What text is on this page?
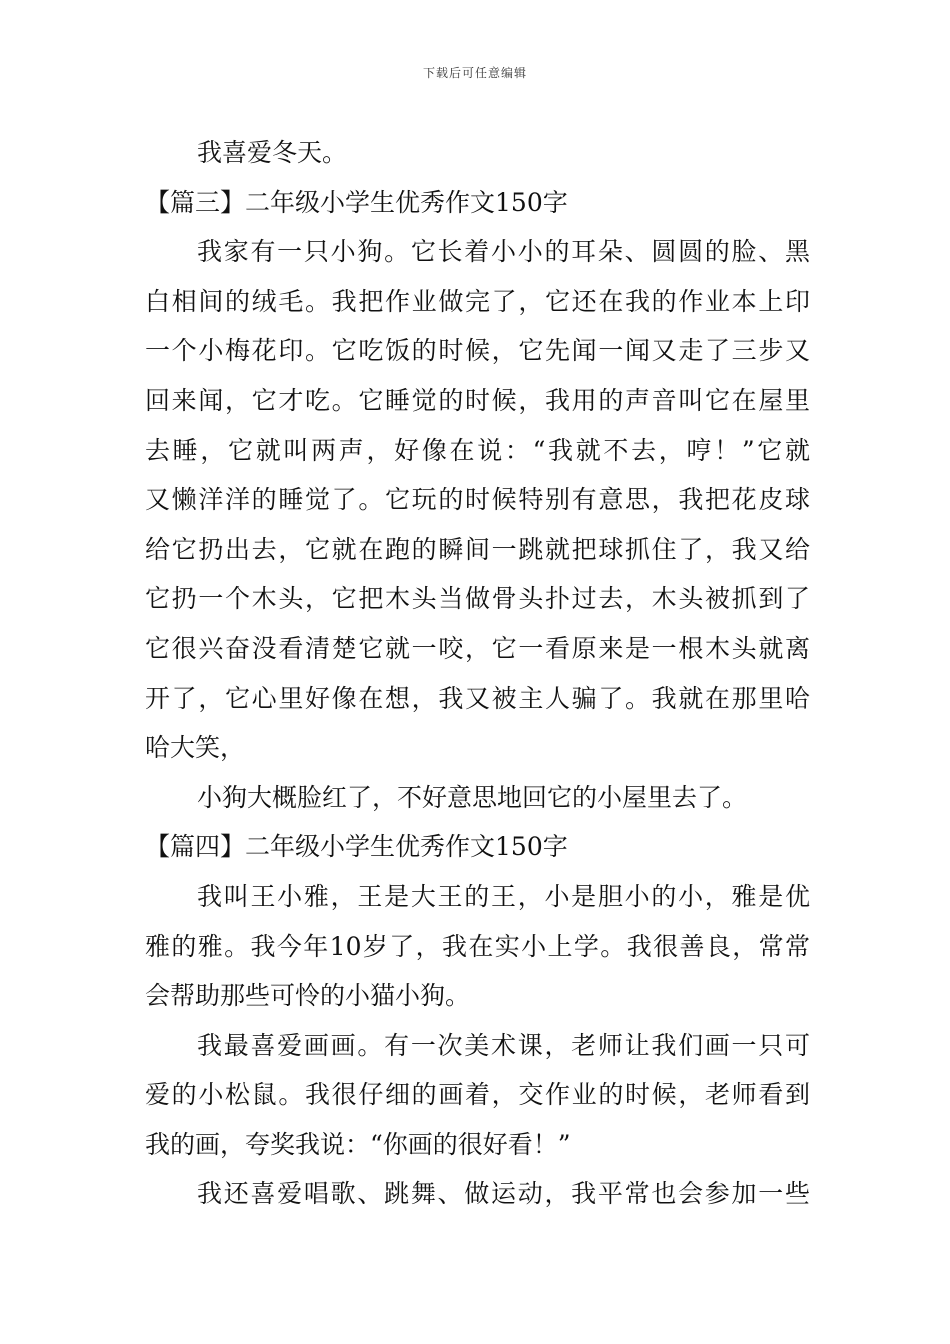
下载后可任意编辑
我喜爱冬天。
【篇三】二年级小学生优秀作文150字
我家有一只小狗。它长着小小的耳朵、圆圆的脸、黑
白相间的绒毛。我把作业做完了，它还在我的作业本上印
一个小梅花印。它吃饭的时候，它先闻一闻又走了三步又
回来闻，它才吃。它睡觉的时候，我用的声音叫它在屋里
去睡，它就叫两声，好像在说：“我就不去，哼！”它就
又懒洋洋的睡觉了。它玩的时候特别有意思，我把花皮球
给它扔出去，它就在跑的瞬间一跳就把球抓住了，我又给
它扔一个木头，它把木头当做骨头扑过去，木头被抓到了
它很兴奋没看清楚它就一咬，它一看原来是一根木头就离
开了，它心里好像在想，我又被主人骗了。我就在那里哈
哈大笑，
小狗大概脸红了，不好意思地回它的小屋里去了。
【篇四】二年级小学生优秀作文150字
我叫王小雅，王是大王的王，小是胆小的小，雅是优
雅的雅。我今年10岁了，我在实小上学。我很善良，常常
会帮助那些可怜的小猫小狗。
我最喜爱画画。有一次美术课，老师让我们画一只可
爱的小松鼠。我很仔细的画着，交作业的时候，老师看到
我的画，夸奖我说：“你画的很好看！”
我还喜爱唱歌、跳舞、做运动，我平常也会参加一些
